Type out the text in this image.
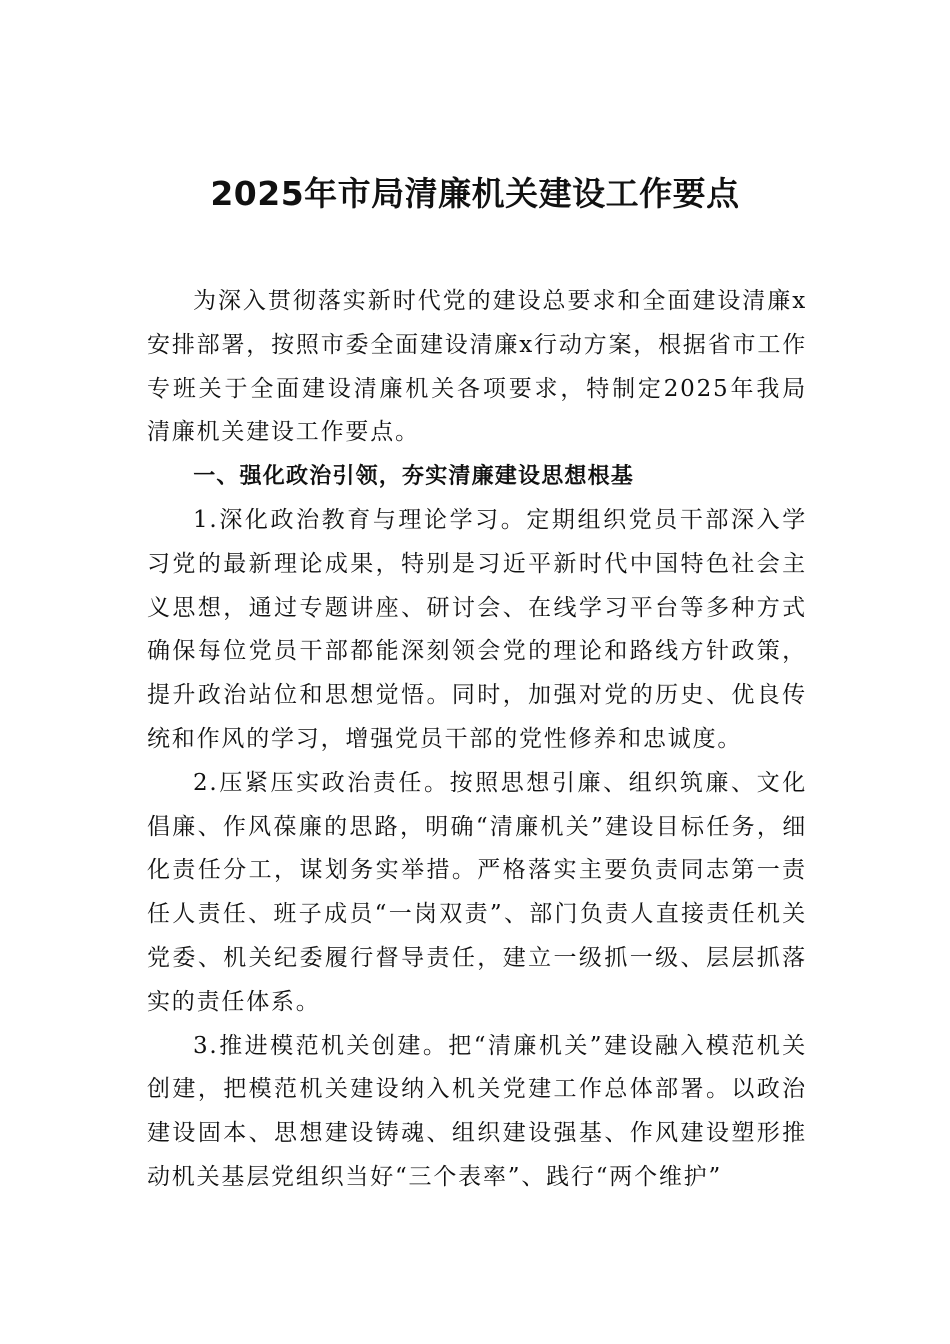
2025年市局清廉机关建设工作要点

为深入贯彻落实新时代党的建设总要求和全面建设清廉x安排部署，按照市委全面建设清廉x行动方案，根据省市工作专班关于全面建设清廉机关各项要求，特制定2025年我局清廉机关建设工作要点。

一、强化政治引领，夯实清廉建设思想根基

1.深化政治教育与理论学习。定期组织党员干部深入学习党的最新理论成果，特别是习近平新时代中国特色社会主义思想，通过专题讲座、研讨会、在线学习平台等多种方式确保每位党员干部都能深刻领会党的理论和路线方针政策，提升政治站位和思想觉悟。同时，加强对党的历史、优良传统和作风的学习，增强党员干部的党性修养和忠诚度。

2.压紧压实政治责任。按照思想引廉、组织筑廉、文化倡廉、作风葆廉的思路，明确“清廉机关”建设目标任务，细化责任分工，谋划务实举措。严格落实主要负责同志第一责任人责任、班子成员“一岗双责”、部门负责人直接责任机关党委、机关纪委履行督导责任，建立一级抓一级、层层抓落实的责任体系。

3.推进模范机关创建。把“清廉机关”建设融入模范机关创建，把模范机关建设纳入机关党建工作总体部署。以政治建设固本、思想建设铸魂、组织建设强基、作风建设塑形推动机关基层党组织当好“三个表率”、践行“两个维护”
